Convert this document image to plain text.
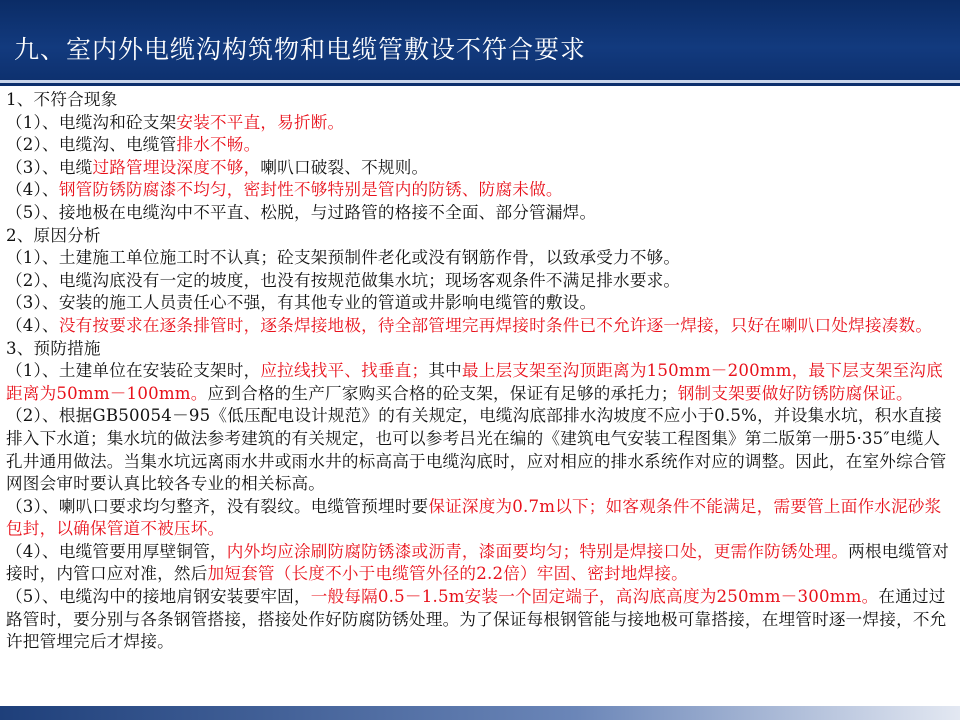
九、室内外电缆沟构筑物和电缆管敷设不符合要求
1、不符合现象
（1）、电缆沟和砼支架安装不平直，易折断。
（2）、电缆沟、电缆管排水不畅。
（3）、电缆过路管埋设深度不够，喇叭口破裂、不规则。
（4）、钢管防锈防腐漆不均匀，密封性不够特别是管内的防锈、防腐未做。
（5）、接地极在电缆沟中不平直、松脱，与过路管的格接不全面、部分管漏焊。
2、原因分析
（1）、土建施工单位施工时不认真；砼支架预制件老化或没有钢筋作骨，以致承受力不够。
（2）、电缆沟底没有一定的坡度，也没有按规范做集水坑；现场客观条件不满足排水要求。
（3）、安装的施工人员责任心不强，有其他专业的管道或井影响电缆管的敷设。
（4）、没有按要求在逐条排管时，逐条焊接地极，待全部管埋完再焊接时条件已不允许逐一焊接，只好在喇叭口处焊接凑数。
3、预防措施
（1）、土建单位在安装砼支架时，应拉线找平、找垂直；其中最上层支架至沟顶距离为150mm－200mm，最下层支架至沟底距离为50mm－100mm。应到合格的生产厂家购买合格的砼支架，保证有足够的承托力；钢制支架要做好防锈防腐保证。
（2）、根据GB50054－95《低压配电设计规范》的有关规定，电缆沟底部排水沟坡度不应小于0.5%，并设集水坑，积水直接排入下水道；集水坑的做法参考建筑的有关规定，也可以参考吕光在编的《建筑电气安装工程图集》第二版第一册5·35″电缆人孔井通用做法。当集水坑远离雨水井或雨水井的标高高于电缆沟底时，应对相应的排水系统作对应的调整。因此，在室外综合管网图会审时要认真比较各专业的相关标高。
（3）、喇叭口要求均匀整齐，没有裂纹。电缆管预埋时要保证深度为0.7m以下；如客观条件不能满足，需要管上面作水泥砂浆包封，以确保管道不被压坏。
（4）、电缆管要用厚壁铜管，内外均应涂刷防腐防锈漆或沥青，漆面要均匀；特别是焊接口处，更需作防锈处理。两根电缆管对接时，内管口应对准，然后加短套管（长度不小于电缆管外径的2.2倍）牢固、密封地焊接。
（5）、电缆沟中的接地肩钢安装要牢固，一般每隔0.5－1.5m安装一个固定端子，高沟底高度为250mm－300mm。在通过过路管时，要分别与各条钢管搭接，搭接处作好防腐防锈处理。为了保证每根钢管能与接地极可靠搭接，在埋管时逐一焊接，不允许把管埋完后才焊接。
